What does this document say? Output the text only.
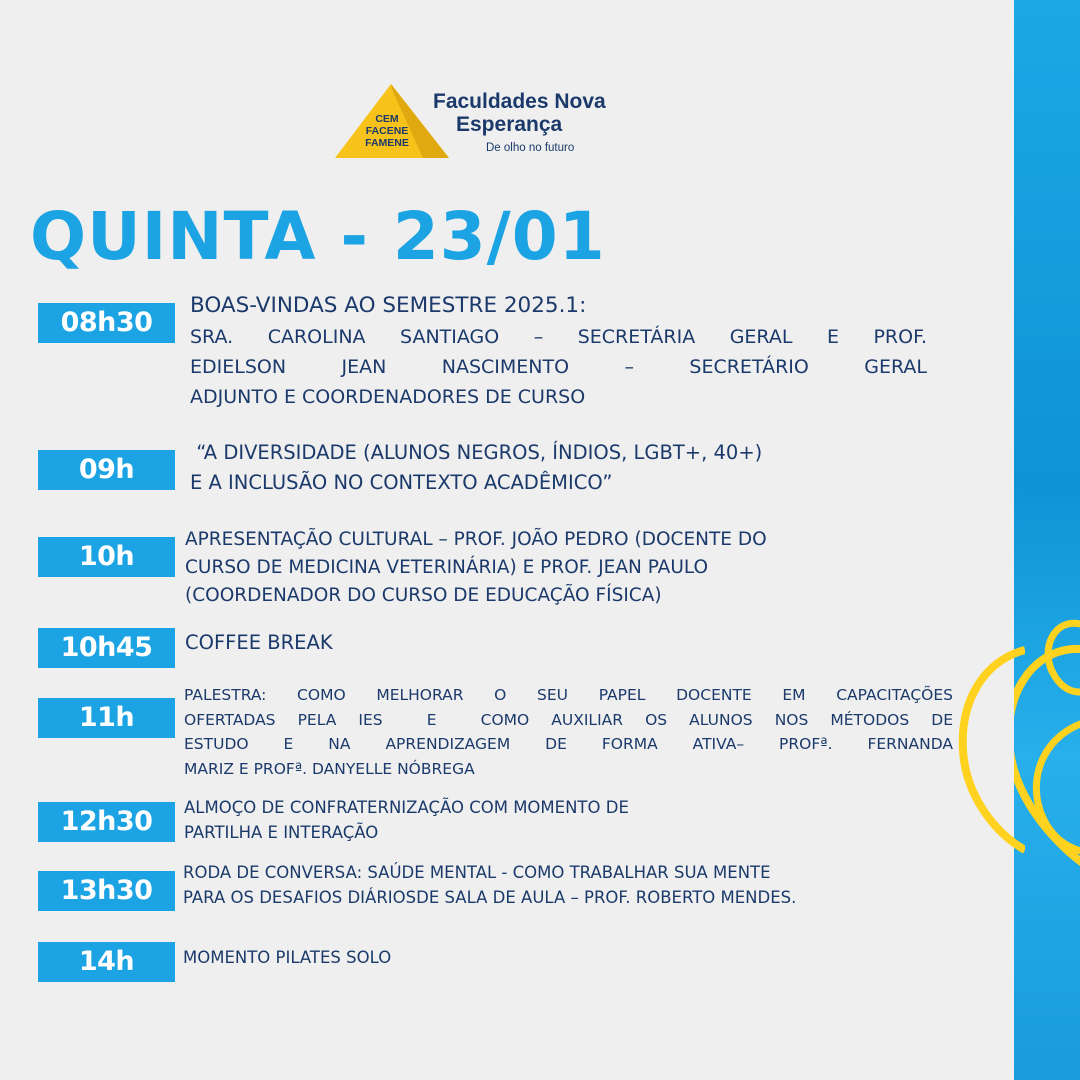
CEM
FACENE
FAMENE
Faculdades Nova
Esperança
De olho no futuro
QUINTA - 23/01
08h30
BOAS-VINDAS AO SEMESTRE 2025.1:
SRA. CAROLINA SANTIAGO – SECRETÁRIA GERAL E PROF.
EDIELSON JEAN NASCIMENTO – SECRETÁRIO GERAL
ADJUNTO E COORDENADORES DE CURSO
09h
“A DIVERSIDADE (ALUNOS NEGROS, ÍNDIOS, LGBT+, 40+)
E A INCLUSÃO NO CONTEXTO ACADÊMICO”
10h
APRESENTAÇÃO CULTURAL – PROF. JOÃO PEDRO (DOCENTE DO
CURSO DE MEDICINA VETERINÁRIA) E PROF. JEAN PAULO
(COORDENADOR DO CURSO DE EDUCAÇÃO FÍSICA)
10h45	COFFEE BREAK
11h
PALESTRA: COMO MELHORAR O SEU PAPEL DOCENTE EM CAPACITAÇÕES
OFERTADAS PELA IES  E  COMO AUXILIAR OS ALUNOS NOS MÉTODOS DE
ESTUDO E NA APRENDIZAGEM DE FORMA ATIVA– PROFª. FERNANDA
MARIZ E PROFª. DANYELLE NÓBREGA
12h30	ALMOÇO DE CONFRATERNIZAÇÃO COM MOMENTO DE
PARTILHA E INTERAÇÃO
13h30
RODA DE CONVERSA: SAÚDE MENTAL - COMO TRABALHAR SUA MENTE
PARA OS DESAFIOS DIÁRIOSDE SALA DE AULA – PROF. ROBERTO MENDES.
14h	MOMENTO PILATES SOLO
